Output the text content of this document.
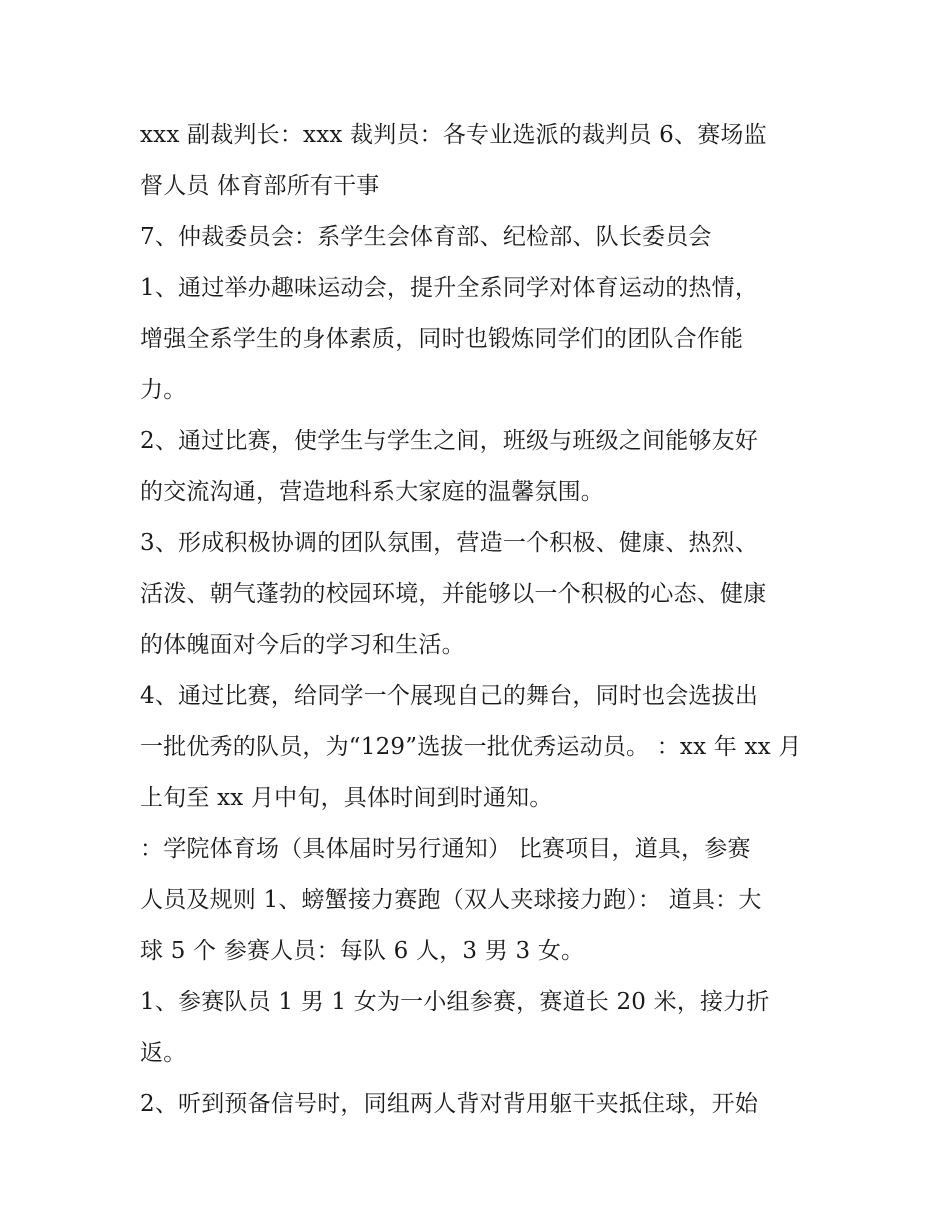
xxx 副裁判长：xxx 裁判员：各专业选派的裁判员 6、赛场监
督人员 体育部所有干事
7、仲裁委员会：系学生会体育部、纪检部、队长委员会
1、通过举办趣味运动会，提升全系同学对体育运动的热情，
增强全系学生的身体素质，同时也锻炼同学们的团队合作能
力。
2、通过比赛，使学生与学生之间，班级与班级之间能够友好
的交流沟通，营造地科系大家庭的温馨氛围。
3、形成积极协调的团队氛围，营造一个积极、健康、热烈、
活泼、朝气蓬勃的校园环境，并能够以一个积极的心态、健康
的体魄面对今后的学习和生活。
4、通过比赛，给同学一个展现自己的舞台，同时也会选拔出
一批优秀的队员，为“129”选拔一批优秀运动员。 ：xx 年 xx 月
上旬至 xx 月中旬，具体时间到时通知。
：学院体育场（具体届时另行通知） 比赛项目，道具，参赛
人员及规则 1、螃蟹接力赛跑（双人夹球接力跑）： 道具：大
球 5 个 参赛人员：每队 6 人，3 男 3 女。
1、参赛队员 1 男 1 女为一小组参赛，赛道长 20 米，接力折
返。
2、听到预备信号时，同组两人背对背用躯干夹抵住球，开始
